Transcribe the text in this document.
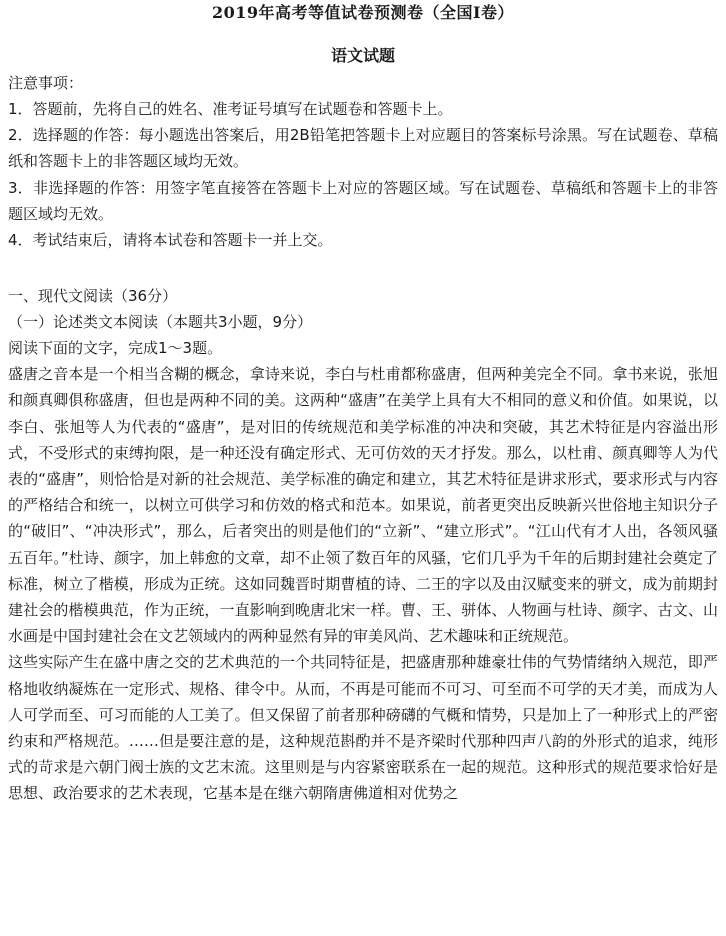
2019年高考等值试卷预测卷（全国I卷）
语文试题

注意事项：

1．答题前，先将自己的姓名、准考证号填写在试题卷和答题卡上。

2．选择题的作答：每小题选出答案后，用2B铅笔把答题卡上对应题目的答案标号涂黑。写在试题卷、草稿纸和答题卡上的非答题区域均无效。

3．非选择题的作答：用签字笔直接答在答题卡上对应的答题区域。写在试题卷、草稿纸和答题卡上的非答题区域均无效。

4．考试结束后，请将本试卷和答题卡一并上交。

一、现代文阅读（36分）

（一）论述类文本阅读（本题共3小题，9分）

阅读下面的文字，完成1～3题。

盛唐之音本是一个相当含糊的概念，拿诗来说，李白与杜甫都称盛唐，但两种美完全不同。拿书来说，张旭和颜真卿俱称盛唐，但也是两种不同的美。这两种“盛唐”在美学上具有大不相同的意义和价值。如果说，以李白、张旭等人为代表的“盛唐”，是对旧的传统规范和美学标准的冲决和突破，其艺术特征是内容溢出形式，不受形式的束缚拘限，是一种还没有确定形式、无可仿效的天才抒发。那么，以杜甫、颜真卿等人为代表的“盛唐”，则恰恰是对新的社会规范、美学标准的确定和建立，其艺术特征是讲求形式，要求形式与内容的严格结合和统一，以树立可供学习和仿效的格式和范本。如果说，前者更突出反映新兴世俗地主知识分子的“破旧”、“冲决形式”，那么，后者突出的则是他们的“立新”、“建立形式”。“江山代有才人出，各领风骚五百年。”杜诗、颜字，加上韩愈的文章，却不止领了数百年的风骚，它们几乎为千年的后期封建社会奠定了标准，树立了楷模，形成为正统。这如同魏晋时期曹植的诗、二王的字以及由汉赋变来的骈文，成为前期封建社会的楷模典范，作为正统，一直影响到晚唐北宋一样。曹、王、骈体、人物画与杜诗、颜字、古文、山水画是中国封建社会在文艺领域内的两种显然有异的审美风尚、艺术趣味和正统规范。

这些实际产生在盛中唐之交的艺术典范的一个共同特征是，把盛唐那种雄豪壮伟的气势情绪纳入规范，即严格地收纳凝炼在一定形式、规格、律令中。从而，不再是可能而不可习、可至而不可学的天才美，而成为人人可学而至、可习而能的人工美了。但又保留了前者那种磅礴的气概和情势，只是加上了一种形式上的严密约束和严格规范。……但是要注意的是，这种规范斟酌并不是齐梁时代那种四声八韵的外形式的追求，纯形式的苛求是六朝门阀士族的文艺末流。这里则是与内容紧密联系在一起的规范。这种形式的规范要求恰好是思想、政治要求的艺术表现，它基本是在继六朝隋唐佛道相对优势之
